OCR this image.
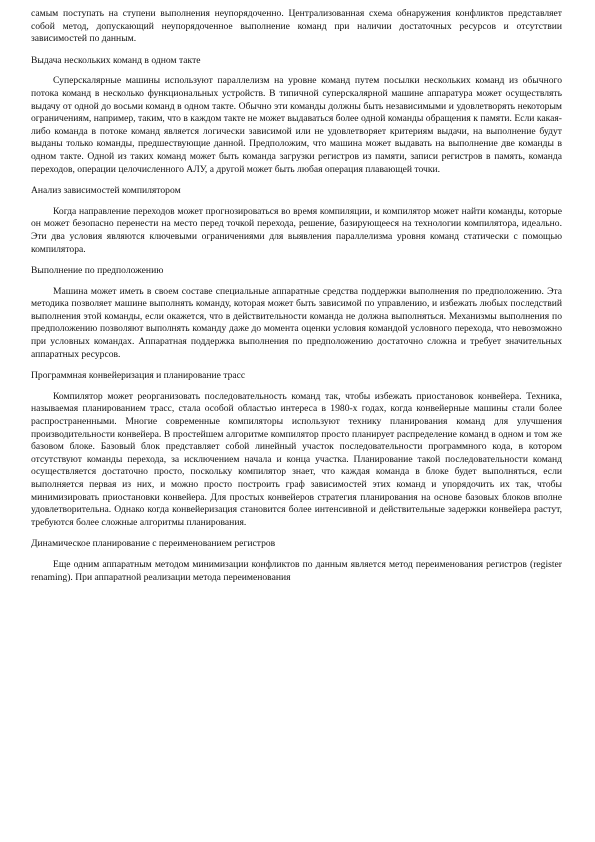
самым поступать на ступени выполнения неупорядоченно. Централизованная схема обнаружения конфликтов представляет собой метод, допускающий неупорядоченное выполнение команд при наличии достаточных ресурсов и отсутствии зависимостей по данным.

Выдача нескольких команд в одном такте

Суперскалярные машины используют параллелизм на уровне команд путем посылки нескольких команд из обычного потока команд в несколько функциональных устройств. В типичной суперскалярной машине аппаратура может осуществлять выдачу от одной до восьми команд в одном такте. Обычно эти команды должны быть независимыми и удовлетворять некоторым ограничениям, например, таким, что в каждом такте не может выдаваться более одной команды обращения к памяти. Если какая-либо команда в потоке команд является логически зависимой или не удовлетворяет критериям выдачи, на выполнение будут выданы только команды, предшествующие данной. Предположим, что машина может выдавать на выполнение две команды в одном такте. Одной из таких команд может быть команда загрузки регистров из памяти, записи регистров в память, команда переходов, операции целочисленного АЛУ, а другой может быть любая операция плавающей точки.

Анализ зависимостей компилятором

Когда направление переходов может прогнозироваться во время компиляции, и компилятор может найти команды, которые он может безопасно перенести на место перед точкой перехода, решение, базирующееся на технологии компилятора, идеально. Эти два условия являются ключевыми ограничениями для выявления параллелизма уровня команд статически с помощью компилятора.

Выполнение по предположению

Машина может иметь в своем составе специальные аппаратные средства поддержки выполнения по предположению. Эта методика позволяет машине выполнять команду, которая может быть зависимой по управлению, и избежать любых последствий выполнения этой команды, если окажется, что в действительности команда не должна выполняться. Механизмы выполнения по предположению позволяют выполнять команду даже до момента оценки условия командой условного перехода, что невозможно при условных командах. Аппаратная поддержка выполнения по предположению достаточно сложна и требует значительных аппаратных ресурсов.

Программная конвейеризация и планирование трасс

Компилятор может реорганизовать последовательность команд так, чтобы избежать приостановок конвейера. Техника, называемая планированием трасс, стала особой областью интереса в 1980-х годах, когда конвейерные машины стали более распространенными. Многие современные компиляторы используют технику планирования команд для улучшения производительности конвейера. В простейшем алгоритме компилятор просто планирует распределение команд в одном и том же базовом блоке. Базовый блок представляет собой линейный участок последовательности программного кода, в котором отсутствуют команды перехода, за исключением начала и конца участка. Планирование такой последовательности команд осуществляется достаточно просто, поскольку компилятор знает, что каждая команда в блоке будет выполняться, если выполняется первая из них, и можно просто построить граф зависимостей этих команд и упорядочить их так, чтобы минимизировать приостановки конвейера. Для простых конвейеров стратегия планирования на основе базовых блоков вполне удовлетворительна. Однако когда конвейеризация становится более интенсивной и действительные задержки конвейера растут, требуются более сложные алгоритмы планирования.

Динамическое планирование с переименованием регистров

Еще одним аппаратным методом минимизации конфликтов по данным является метод переименования регистров (register renaming). При аппаратной реализации метода переименования
